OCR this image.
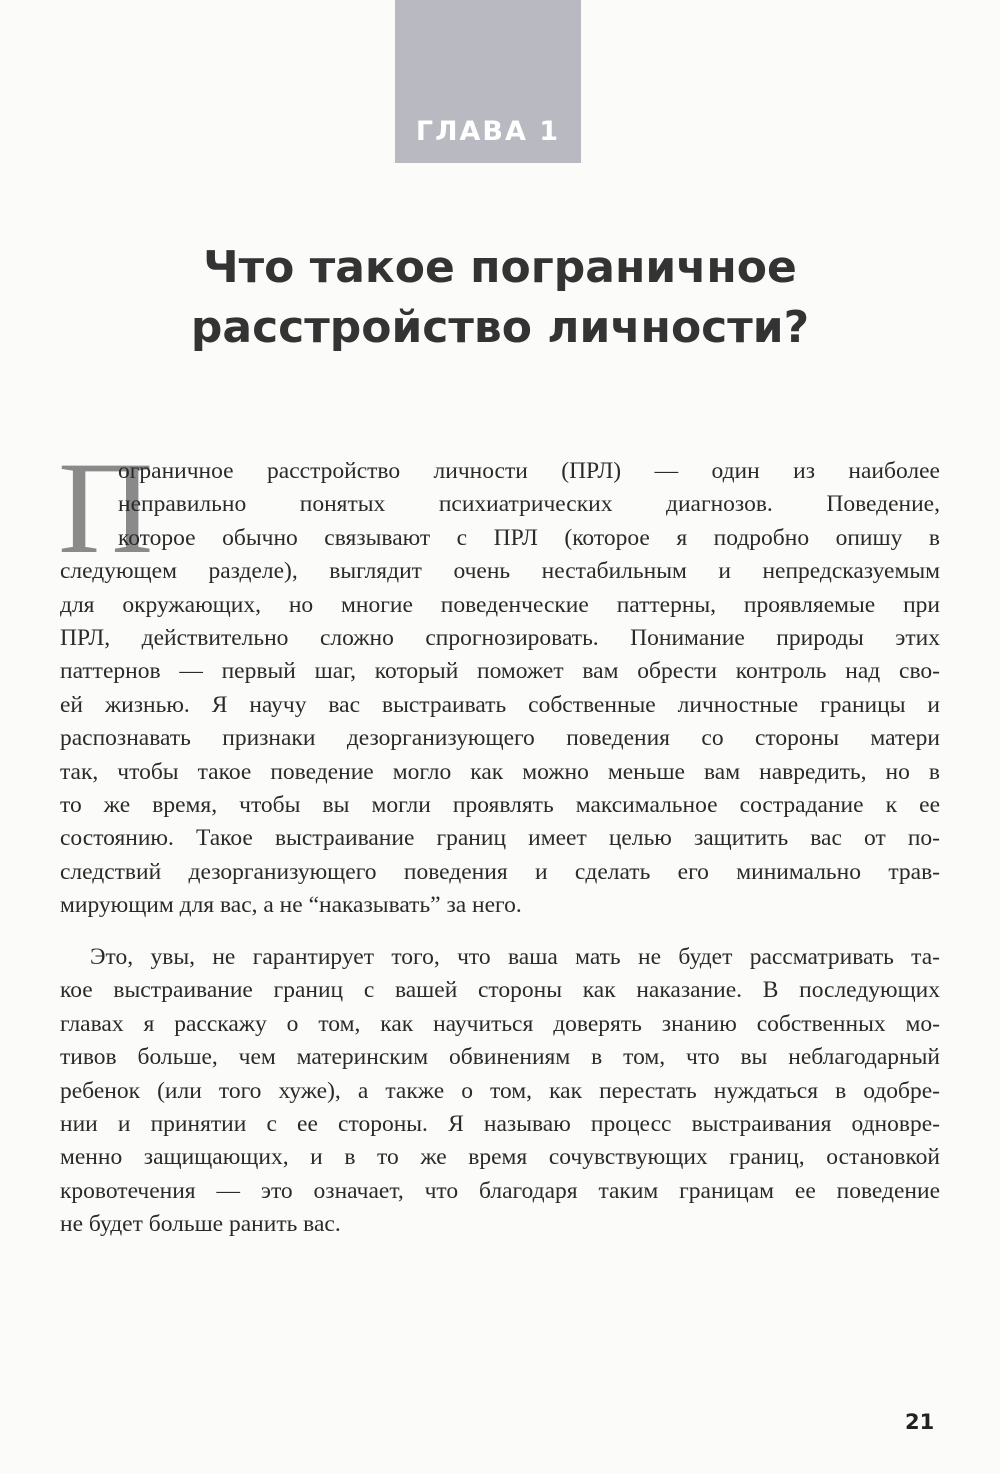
ГЛАВА 1
Что такое пограничное
расстройство личности?
П
ограничное расстройство личности (ПРЛ) — один из наиболее
неправильно понятых психиатрических диагнозов. Поведение,
которое обычно связывают с ПРЛ (которое я подробно опишу в
следующем разделе), выглядит очень нестабильным и непредсказуемым
для окружающих, но многие поведенческие паттерны, проявляемые при
ПРЛ, действительно сложно спрогнозировать. Понимание природы этих
паттернов — первый шаг, который поможет вам обрести контроль над сво-
ей жизнью. Я научу вас выстраивать собственные личностные границы и
распознавать признаки дезорганизующего поведения со стороны матери
так, чтобы такое поведение могло как можно меньше вам навредить, но в
то же время, чтобы вы могли проявлять максимальное сострадание к ее
состоянию. Такое выстраивание границ имеет целью защитить вас от по-
следствий дезорганизующего поведения и сделать его минимально трав-
мирующим для вас, а не “наказывать” за него.
Это, увы, не гарантирует того, что ваша мать не будет рассматривать та-
кое выстраивание границ с вашей стороны как наказание. В последующих
главах я расскажу о том, как научиться доверять знанию собственных мо-
тивов больше, чем материнским обвинениям в том, что вы неблагодарный
ребенок (или того хуже), а также о том, как перестать нуждаться в одобре-
нии и принятии с ее стороны. Я называю процесс выстраивания одновре-
менно защищающих, и в то же время сочувствующих границ, остановкой
кровотечения — это означает, что благодаря таким границам ее поведение
не будет больше ранить вас.
21
